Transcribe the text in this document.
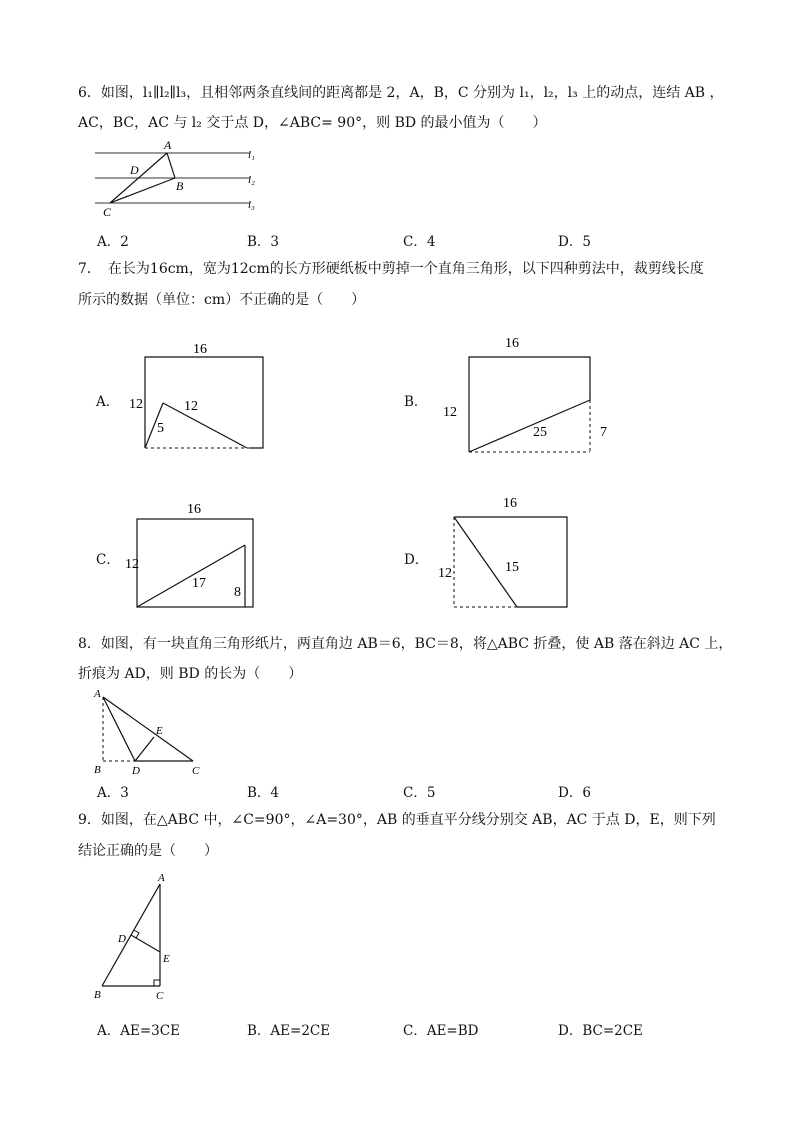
6．如图，l₁∥l₂∥l₃，且相邻两条直线间的距离都是 2，A，B，C 分别为 l₁，l₂，l₃ 上的动点，连结 AB ，
AC，BC，AC 与 l₂ 交于点 D，∠ABC= 90°，则 BD 的最小值为（　　）
A
D
B
C
l₁
l₂
l₃
A．2	B．3	C．4	D．5
7．　在长为16cm，宽为12cm的长方形硬纸板中剪掉一个直角三角形，以下四种剪法中，裁剪线长度
所示的数据（单位：cm）不正确的是（　　）
A．
16
12	12
5
B．
16
12
25	7
C．
16
12
17
8
D．
16
12	15
8．如图，有一块直角三角形纸片，两直角边 AB＝6，BC＝8，将△ABC 折叠，使 AB 落在斜边 AC 上，
折痕为 AD，则 BD 的长为（　　）
A
B	D	C
E
A．3	B．4	C．5	D．6
9．如图，在△ABC 中，∠C=90°，∠A=30°，AB 的垂直平分线分别交 AB，AC 于点 D，E，则下列
结论正确的是（　　）
A
D
E
B	C
A．AE=3CE	B．AE=2CE	C．AE=BD	D．BC=2CE
